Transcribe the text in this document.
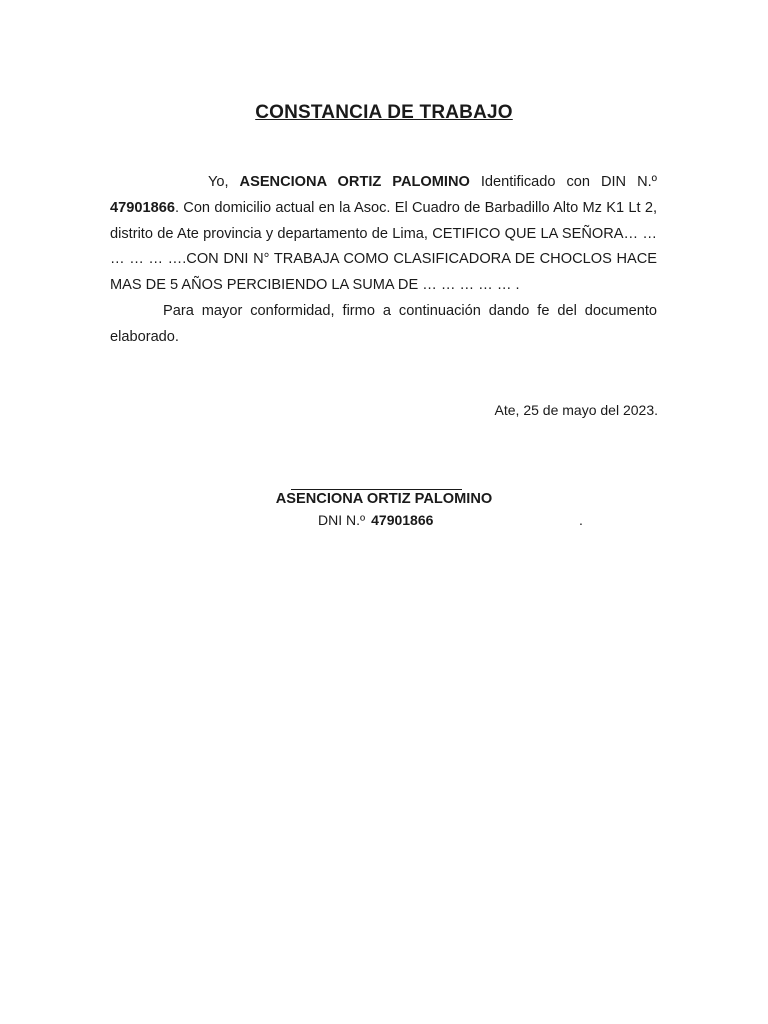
CONSTANCIA DE TRABAJO

Yo, ASENCIONA ORTIZ PALOMINO Identificado con DIN N.º 47901866. Con domicilio actual en la Asoc. El Cuadro de Barbadillo Alto Mz K1 Lt 2, distrito de Ate provincia y departamento de Lima, CETIFICO QUE LA SEÑORA… … … … … ….CON DNI N° TRABAJA COMO CLASIFICADORA DE CHOCLOS HACE MAS DE 5 AÑOS PERCIBIENDO LA SUMA DE … … … … … .

Para mayor conformidad, firmo a continuación dando fe del documento elaborado.

Ate, 25 de mayo del 2023.
ASENCIONA ORTIZ PALOMINO
DNI N.º 47901866	.
